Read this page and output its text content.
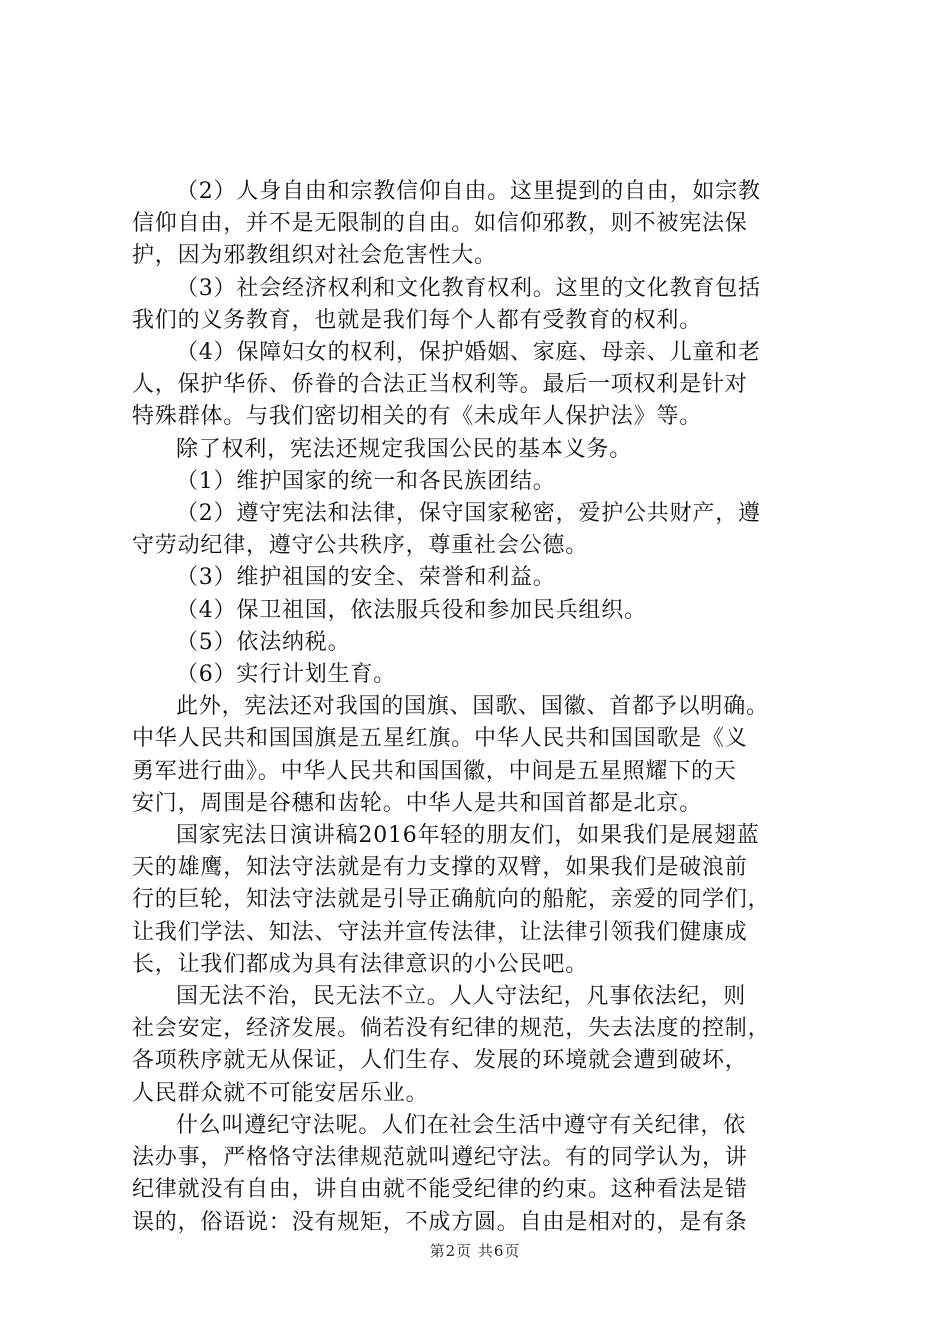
（2）人身自由和宗教信仰自由。这里提到的自由，如宗教
信仰自由，并不是无限制的自由。如信仰邪教，则不被宪法保
护，因为邪教组织对社会危害性大。

（3）社会经济权利和文化教育权利。这里的文化教育包括
我们的义务教育，也就是我们每个人都有受教育的权利。

（4）保障妇女的权利，保护婚姻、家庭、母亲、儿童和老
人，保护华侨、侨眷的合法正当权利等。最后一项权利是针对
特殊群体。与我们密切相关的有《未成年人保护法》等。

除了权利，宪法还规定我国公民的基本义务。

（1）维护国家的统一和各民族团结。

（2）遵守宪法和法律，保守国家秘密，爱护公共财产，遵
守劳动纪律，遵守公共秩序，尊重社会公德。

（3）维护祖国的安全、荣誉和利益。

（4）保卫祖国，依法服兵役和参加民兵组织。

（5）依法纳税。

（6）实行计划生育。

此外，宪法还对我国的国旗、国歌、国徽、首都予以明确。
中华人民共和国国旗是五星红旗。中华人民共和国国歌是《义
勇军进行曲》。中华人民共和国国徽，中间是五星照耀下的天
安门，周围是谷穗和齿轮。中华人是共和国首都是北京。

国家宪法日演讲稿2016年轻的朋友们，如果我们是展翅蓝
天的雄鹰，知法守法就是有力支撑的双臂，如果我们是破浪前
行的巨轮，知法守法就是引导正确航向的船舵，亲爱的同学们，
让我们学法、知法、守法并宣传法律，让法律引领我们健康成
长，让我们都成为具有法律意识的小公民吧。

国无法不治，民无法不立。人人守法纪，凡事依法纪，则
社会安定，经济发展。倘若没有纪律的规范，失去法度的控制，
各项秩序就无从保证，人们生存、发展的环境就会遭到破坏，
人民群众就不可能安居乐业。

什么叫遵纪守法呢。人们在社会生活中遵守有关纪律，依
法办事，严格恪守法律规范就叫遵纪守法。有的同学认为，讲
纪律就没有自由，讲自由就不能受纪律的约束。这种看法是错
误的，俗语说：没有规矩，不成方圆。自由是相对的，是有条

第2页 共6页
